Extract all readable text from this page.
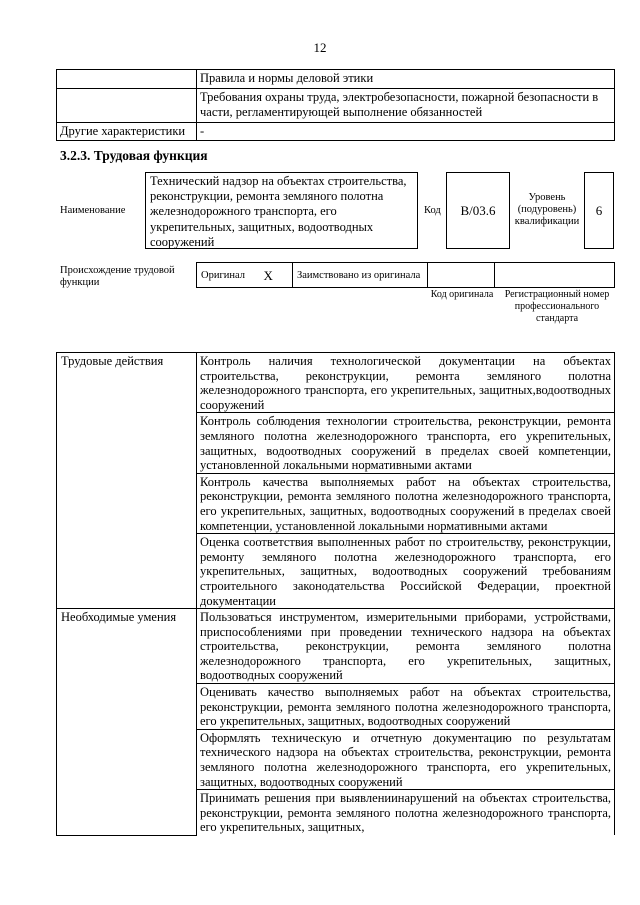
12
	Правила и нормы деловой этики
	Требования охраны труда, электробезопасности, пожарной безопасности в части, регламентирующей выполнение обязанностей
Другие характеристики	-
3.2.3. Трудовая функция
Наименование
Технический надзор на объектах строительства, реконструкции, ремонта земляного полотна железнодорожного транспорта, его укрепительных, защитных, водоотводных сооружений
Код	B/03.6
Уровень (подуровень) квалификации
6
Происхождение трудовой функции
Оригинал	X	Заимствовано из оригинала		
Код оригинала	Регистрационный номер профессионального стандарта
Трудовые действия	Контроль наличия технологической документации на объектах строительства, реконструкции, ремонта земляного полотна железнодорожного транспорта, его укрепительных, защитных,водоотводных сооружений
	Контроль соблюдения технологии строительства, реконструкции, ремонта земляного полотна железнодорожного транспорта, его укрепительных, защитных, водоотводных сооружений в пределах своей компетенции, установленной локальными нормативными актами
	Контроль качества выполняемых работ на объектах строительства, реконструкции, ремонта земляного полотна железнодорожного транспорта, его укрепительных, защитных, водоотводных сооружений в пределах своей компетенции, установленной локальными нормативными актами
	Оценка соответствия выполненных работ по строительству, реконструкции, ремонту земляного полотна железнодорожного транспорта, его укрепительных, защитных, водоотводных сооружений требованиям строительного законодательства Российской Федерации, проектной документации
Необходимые умения	Пользоваться инструментом, измерительными приборами, устройствами, приспособлениями при проведении технического надзора на объектах строительства, реконструкции, ремонта земляного полотна железнодорожного транспорта, его укрепительных, защитных, водоотводных сооружений
	Оценивать качество выполняемых работ на объектах строительства, реконструкции, ремонта земляного полотна железнодорожного транспорта, его укрепительных, защитных, водоотводных сооружений
	Оформлять техническую и отчетную документацию по результатам технического надзора на объектах строительства, реконструкции, ремонта земляного полотна железнодорожного транспорта, его укрепительных, защитных, водоотводных сооружений
	Принимать решения при выявлениинарушений на объектах строительства, реконструкции, ремонта земляного полотна железнодорожного транспорта, его укрепительных, защитных,
